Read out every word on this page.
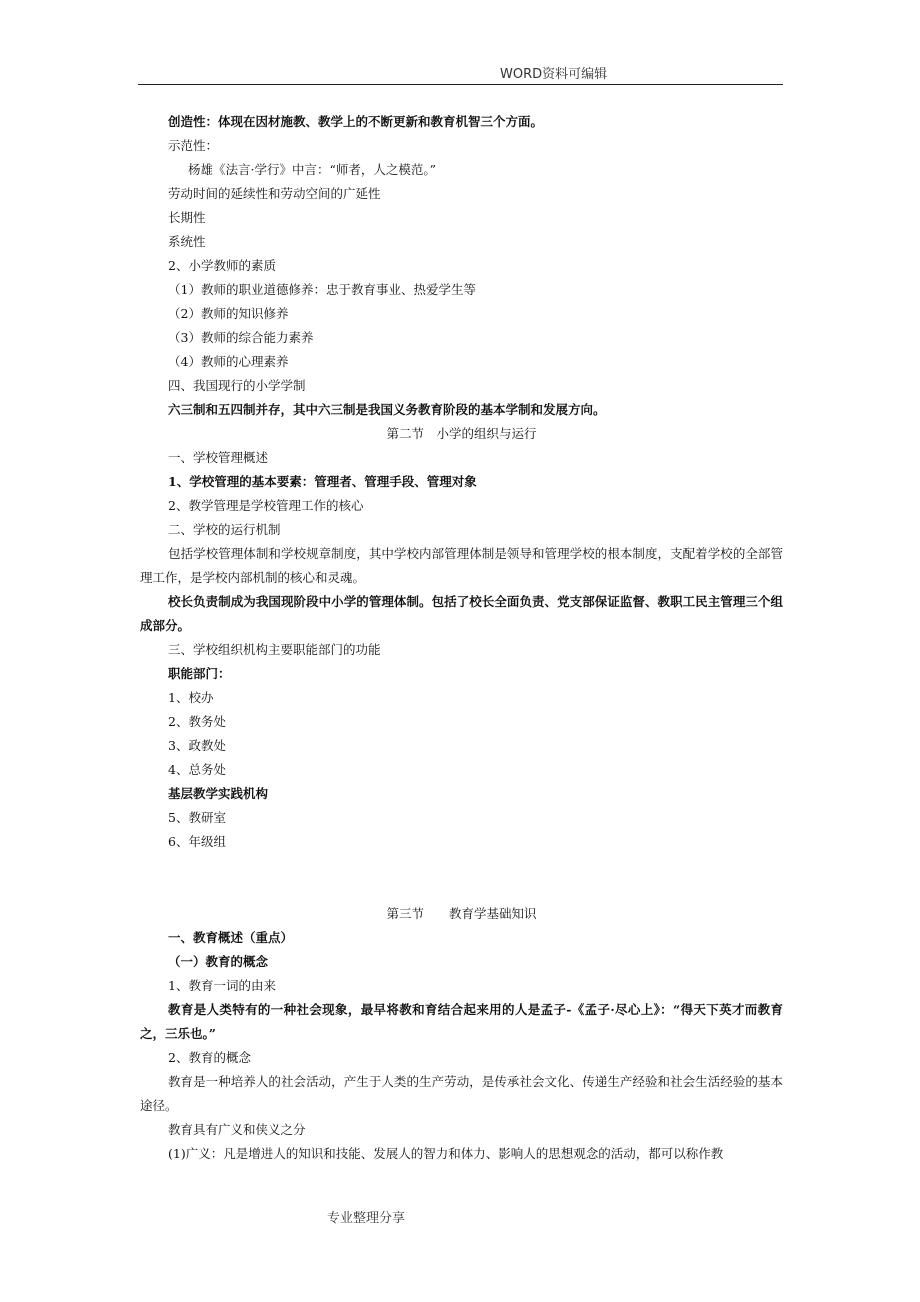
WORD资料可编辑
创造性：体现在因材施教、教学上的不断更新和教育机智三个方面。
示范性：
杨雄《法言·学行》中言：“师者，人之模范。”
劳动时间的延续性和劳动空间的广延性
长期性
系统性
2、小学教师的素质
（1）教师的职业道德修养：忠于教育事业、热爱学生等
（2）教师的知识修养
（3）教师的综合能力素养
（4）教师的心理素养
四、我国现行的小学学制
六三制和五四制并存，其中六三制是我国义务教育阶段的基本学制和发展方向。
第二节　小学的组织与运行
一、学校管理概述
1、学校管理的基本要素：管理者、管理手段、管理对象
2、教学管理是学校管理工作的核心
二、学校的运行机制
包括学校管理体制和学校规章制度，其中学校内部管理体制是领导和管理学校的根本制度，支配着学校的全部管理工作，是学校内部机制的核心和灵魂。
校长负责制成为我国现阶段中小学的管理体制。包括了校长全面负责、党支部保证监督、教职工民主管理三个组成部分。
三、学校组织机构主要职能部门的功能
职能部门：
1、校办
2、教务处
3、政教处
4、总务处
基层教学实践机构
5、教研室
6、年级组
第三节　　教育学基础知识
一、教育概述（重点）
（一）教育的概念
1、教育一词的由来
教育是人类特有的一种社会现象，最早将教和育结合起来用的人是孟子-《孟子·尽心上》：“得天下英才而教育之，三乐也。”
2、教育的概念
教育是一种培养人的社会活动，产生于人类的生产劳动，是传承社会文化、传递生产经验和社会生活经验的基本途径。
教育具有广义和侠义之分
(1)广义：凡是增进人的知识和技能、发展人的智力和体力、影响人的思想观念的活动，都可以称作教
专业整理分享
